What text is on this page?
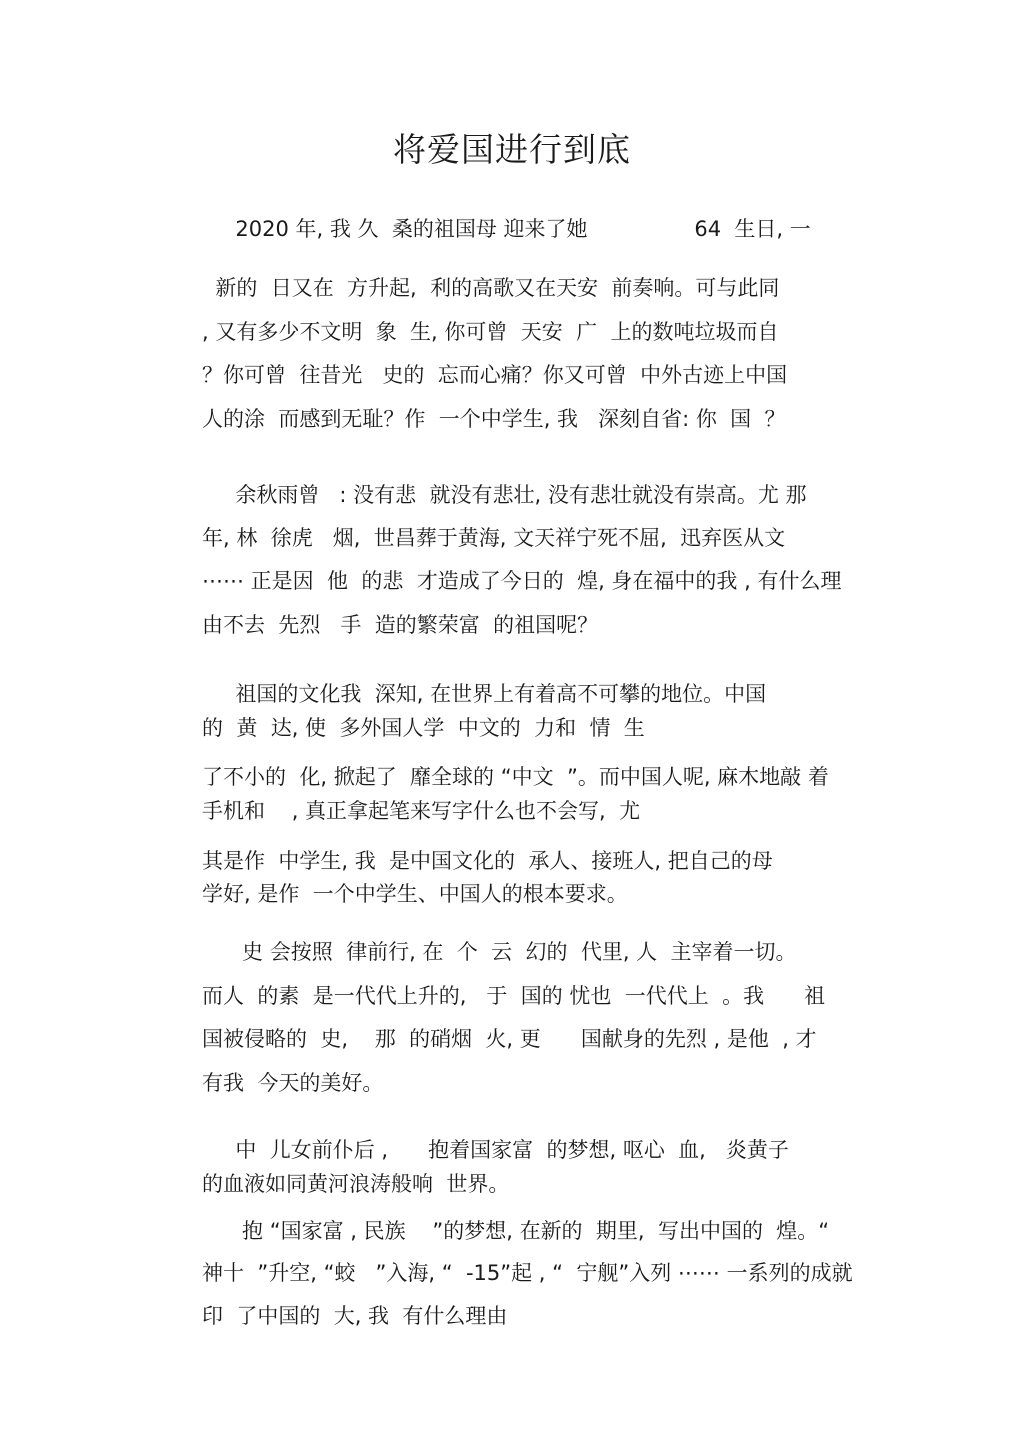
将爱国进行到底

2020 年, 我 久  桑的祖国母 迎来了她                64  生日, 一

新的  日又在  方升起,  利的高歌又在天安  前奏响。可与此同

, 又有多少不文明  象  生, 你可曾  天安  广  上的数吨垃圾而自

？你可曾  往昔光   史的  忘而心痛？你又可曾  中外古迹上中国

人的涂  而感到无耻？作  一个中学生, 我   深刻自省: 你  国  ？

余秋雨曾   : 没有悲  就没有悲壮, 没有悲壮就没有崇高。尤 那

年, 林  徐虎   烟,  世昌葬于黄海, 文天祥宁死不屈,  迅弃医从文

⋯⋯ 正是因  他  的悲  才造成了今日的  煌, 身在福中的我 , 有什么理

由不去  先烈   手  造的繁荣富  的祖国呢？

祖国的文化我  深知, 在世界上有着高不可攀的地位。中国

的  黄  达, 使  多外国人学  中文的  力和  情  生

了不小的  化, 掀起了  靡全球的 “中文  ”。而中国人呢, 麻木地敲 着

手机和    , 真正拿起笔来写字什么也不会写,  尤

其是作  中学生, 我  是中国文化的  承人、接班人, 把自己的母

学好, 是作  一个中学生、中国人的根本要求。

史 会按照  律前行, 在  个  云  幻的  代里, 人  主宰着一切。

而人  的素  是一代代上升的,   于  国的 忧也  一代代上  。我      祖

国被侵略的  史,    那  的硝烟  火, 更      国献身的先烈 , 是他  , 才

有我  今天的美好。

中  儿女前仆后 ,      抱着国家富  的梦想, 呕心  血,   炎黄子

的血液如同黄河浪涛般响  世界。

抱 “国家富 , 民族    ”的梦想, 在新的  期里,  写出中国的  煌。“

神十  ”升空, “蛟   ”入海, “  -15”起 , “  宁舰”入列 ⋯⋯ 一系列的成就

印  了中国的  大, 我  有什么理由
